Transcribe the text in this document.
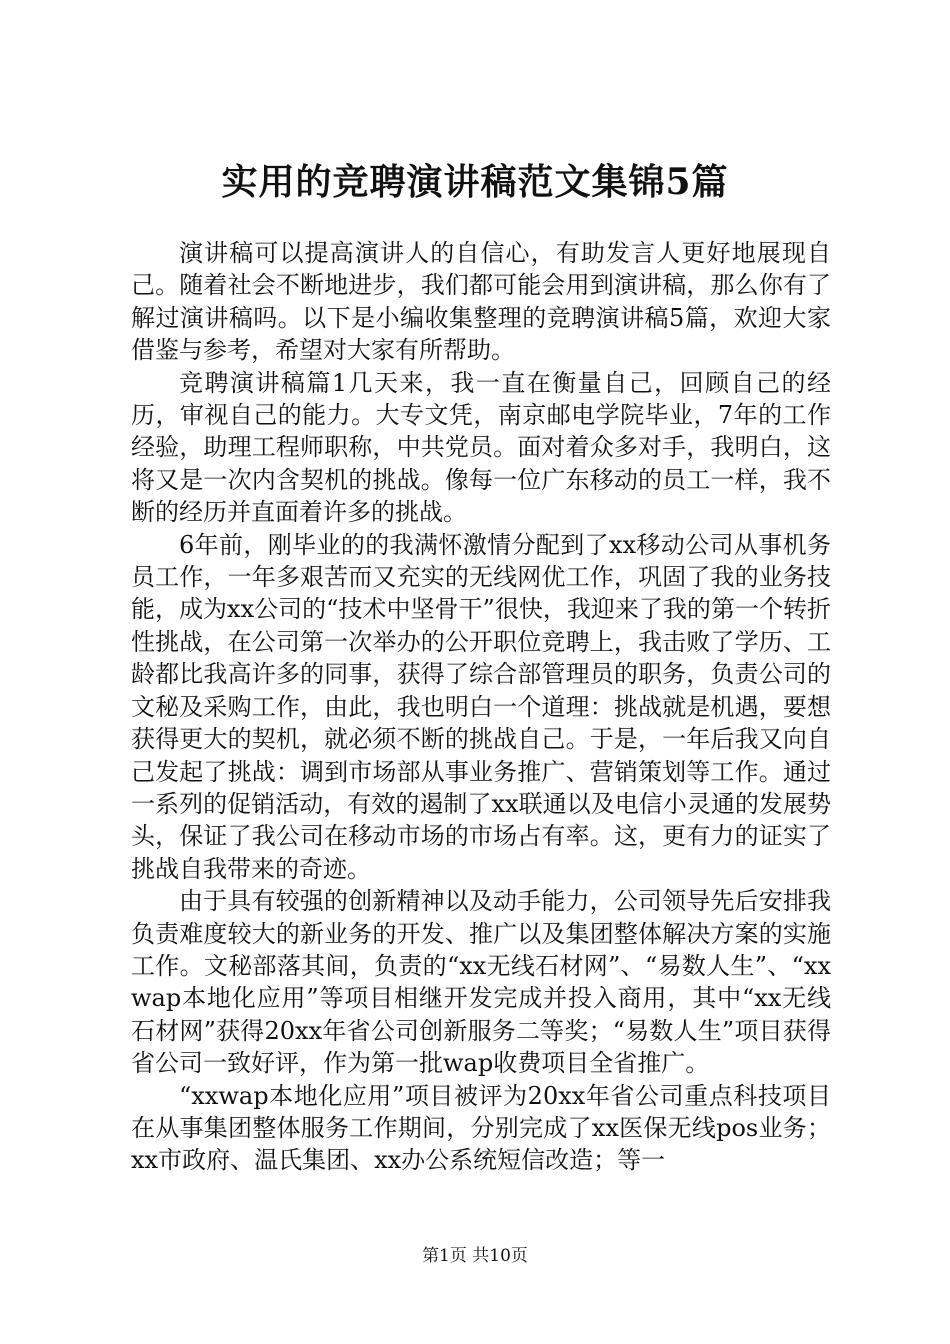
实用的竞聘演讲稿范文集锦5篇

演讲稿可以提高演讲人的自信心，有助发言人更好地展现自己。随着社会不断地进步，我们都可能会用到演讲稿，那么你有了解过演讲稿吗。以下是小编收集整理的竞聘演讲稿5篇，欢迎大家借鉴与参考，希望对大家有所帮助。

竞聘演讲稿篇1几天来，我一直在衡量自己，回顾自己的经历，审视自己的能力。大专文凭，南京邮电学院毕业，7年的工作经验，助理工程师职称，中共党员。面对着众多对手，我明白，这将又是一次内含契机的挑战。像每一位广东移动的员工一样，我不断的经历并直面着许多的挑战。

6年前，刚毕业的的我满怀激情分配到了xx移动公司从事机务员工作，一年多艰苦而又充实的无线网优工作，巩固了我的业务技能，成为xx公司的“技术中坚骨干”很快，我迎来了我的第一个转折性挑战，在公司第一次举办的公开职位竞聘上，我击败了学历、工龄都比我高许多的同事，获得了综合部管理员的职务，负责公司的文秘及采购工作，由此，我也明白一个道理：挑战就是机遇，要想获得更大的契机，就必须不断的挑战自己。于是，一年后我又向自己发起了挑战：调到市场部从事业务推广、营销策划等工作。通过一系列的促销活动，有效的遏制了xx联通以及电信小灵通的发展势头，保证了我公司在移动市场的市场占有率。这，更有力的证实了挑战自我带来的奇迹。

由于具有较强的创新精神以及动手能力，公司领导先后安排我负责难度较大的新业务的开发、推广以及集团整体解决方案的实施工作。文秘部落其间，负责的“xx无线石材网”、“易数人生”、“xxwap本地化应用”等项目相继开发完成并投入商用，其中“xx无线石材网”获得20xx年省公司创新服务二等奖；“易数人生”项目获得省公司一致好评，作为第一批wap收费项目全省推广。

“xxwap本地化应用”项目被评为20xx年省公司重点科技项目在从事集团整体服务工作期间，分别完成了xx医保无线pos业务；xx市政府、温氏集团、xx办公系统短信改造；等一

第1页 共10页
